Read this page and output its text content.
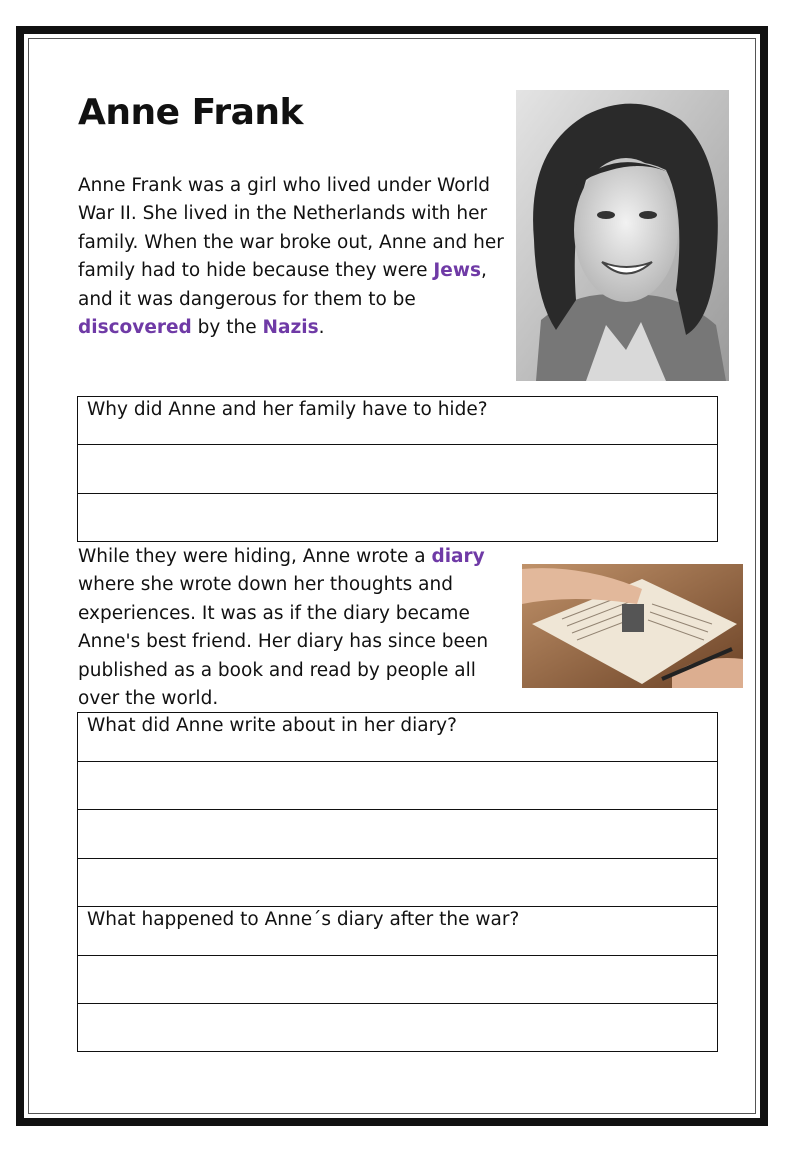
Anne Frank

Anne Frank was a girl who lived under World War II. She lived in the Netherlands with her family. When the war broke out, Anne and her family had to hide because they were Jews, and it was dangerous for them to be discovered by the Nazis.

Why did Anne and her family have to hide?

While they were hiding, Anne wrote a diary where she wrote down her thoughts and experiences. It was as if the diary became Anne's best friend. Her diary has since been published as a book and read by people all over the world.

What did Anne write about in her diary?
What happened to Anne´s diary after the war?
